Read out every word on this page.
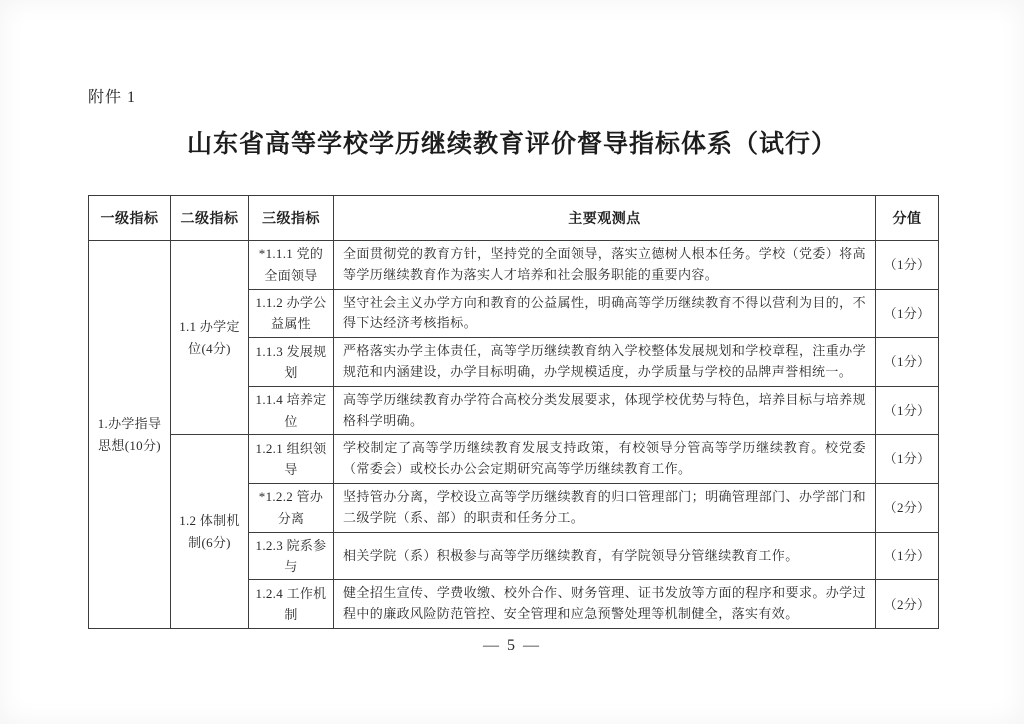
附件 1
山东省高等学校学历继续教育评价督导指标体系（试行）
一级指标	二级指标	三级指标	主要观测点	分值
1.办学指导思想(10分)	1.1 办学定位(4分)	*1.1.1 党的全面领导	全面贯彻党的教育方针，坚持党的全面领导，落实立德树人根本任务。学校（党委）将高等学历继续教育作为落实人才培养和社会服务职能的重要内容。	（1分）
		1.1.2 办学公益属性	坚守社会主义办学方向和教育的公益属性，明确高等学历继续教育不得以营利为目的，不得下达经济考核指标。	（1分）
		1.1.3 发展规划	严格落实办学主体责任，高等学历继续教育纳入学校整体发展规划和学校章程，注重办学规范和内涵建设，办学目标明确，办学规模适度，办学质量与学校的品牌声誉相统一。	（1分）
		1.1.4 培养定位	高等学历继续教育办学符合高校分类发展要求，体现学校优势与特色，培养目标与培养规格科学明确。	（1分）
	1.2 体制机制(6分)	1.2.1 组织领导	学校制定了高等学历继续教育发展支持政策，有校领导分管高等学历继续教育。校党委（常委会）或校长办公会定期研究高等学历继续教育工作。	（1分）
		*1.2.2 管办分离	坚持管办分离，学校设立高等学历继续教育的归口管理部门；明确管理部门、办学部门和二级学院（系、部）的职责和任务分工。	（2分）
		1.2.3 院系参与	相关学院（系）积极参与高等学历继续教育，有学院领导分管继续教育工作。	（1分）
		1.2.4 工作机制	健全招生宣传、学费收缴、校外合作、财务管理、证书发放等方面的程序和要求。办学过程中的廉政风险防范管控、安全管理和应急预警处理等机制健全，落实有效。	（2分）
— 5 —
